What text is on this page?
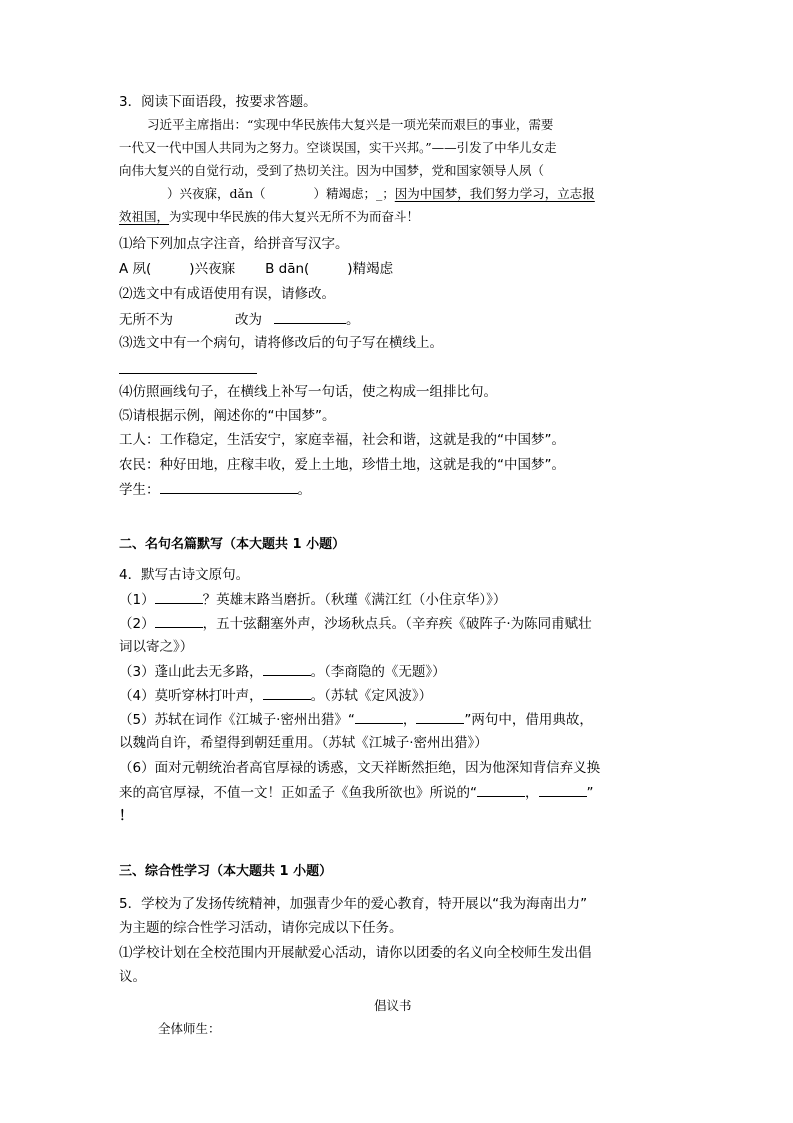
3．阅读下面语段，按要求答题。
习近平主席指出：“实现中华民族伟大复兴是一项光荣而艰巨的事业，需要
一代又一代中国人共同为之努力。空谈误国，实干兴邦。”——引发了中华儿女走
向伟大复兴的自觉行动，受到了热切关注。因为中国梦，党和国家领导人夙（
）兴夜寐，dǎn（	）精竭虑；_；因为中国梦，我们努力学习，立志报
效祖国，为实现中华民族的伟大复兴无所不为而奋斗！
⑴给下列加点字注音，给拼音写汉字。
A 夙(	)兴夜寐 B dān(	)精竭虑
⑵选文中有成语使用有误，请修改。
无所不为	改为	。
⑶选文中有一个病句，请将修改后的句子写在横线上。
⑷仿照画线句子，在横线上补写一句话，使之构成一组排比句。
⑸请根据示例，阐述你的“中国梦”。
工人：工作稳定，生活安宁，家庭幸福，社会和谐，这就是我的“中国梦”。
农民：种好田地，庄稼丰收，爱上土地，珍惜土地，这就是我的“中国梦”。
学生：	。
二、名句名篇默写（本大题共 1 小题）
4．默写古诗文原句。
（1）	？英雄末路当磨折。（秋瑾《满江红（小住京华）》）
（2）	，五十弦翻塞外声，沙场秋点兵。（辛弃疾《破阵子·为陈同甫赋壮
词以寄之》）
（3）蓬山此去无多路，	。（李商隐的《无题》）
（4）莫听穿林打叶声，	。（苏轼《定风波》）
（5）苏轼在词作《江城子·密州出猎》“	，	”两句中，借用典故，
以魏尚自许，希望得到朝廷重用。（苏轼《江城子·密州出猎》）
（6）面对元朝统治者高官厚禄的诱惑，文天祥断然拒绝，因为他深知背信弃义换
来的高官厚禄，不值一文！正如孟子《鱼我所欲也》所说的“	，	”
！
三、综合性学习（本大题共 1 小题）
5．学校为了发扬传统精神，加强青少年的爱心教育，特开展以“我为海南出力”
为主题的综合性学习活动，请你完成以下任务。
⑴学校计划在全校范围内开展献爱心活动，请你以团委的名义向全校师生发出倡
议。
倡议书
全体师生：
